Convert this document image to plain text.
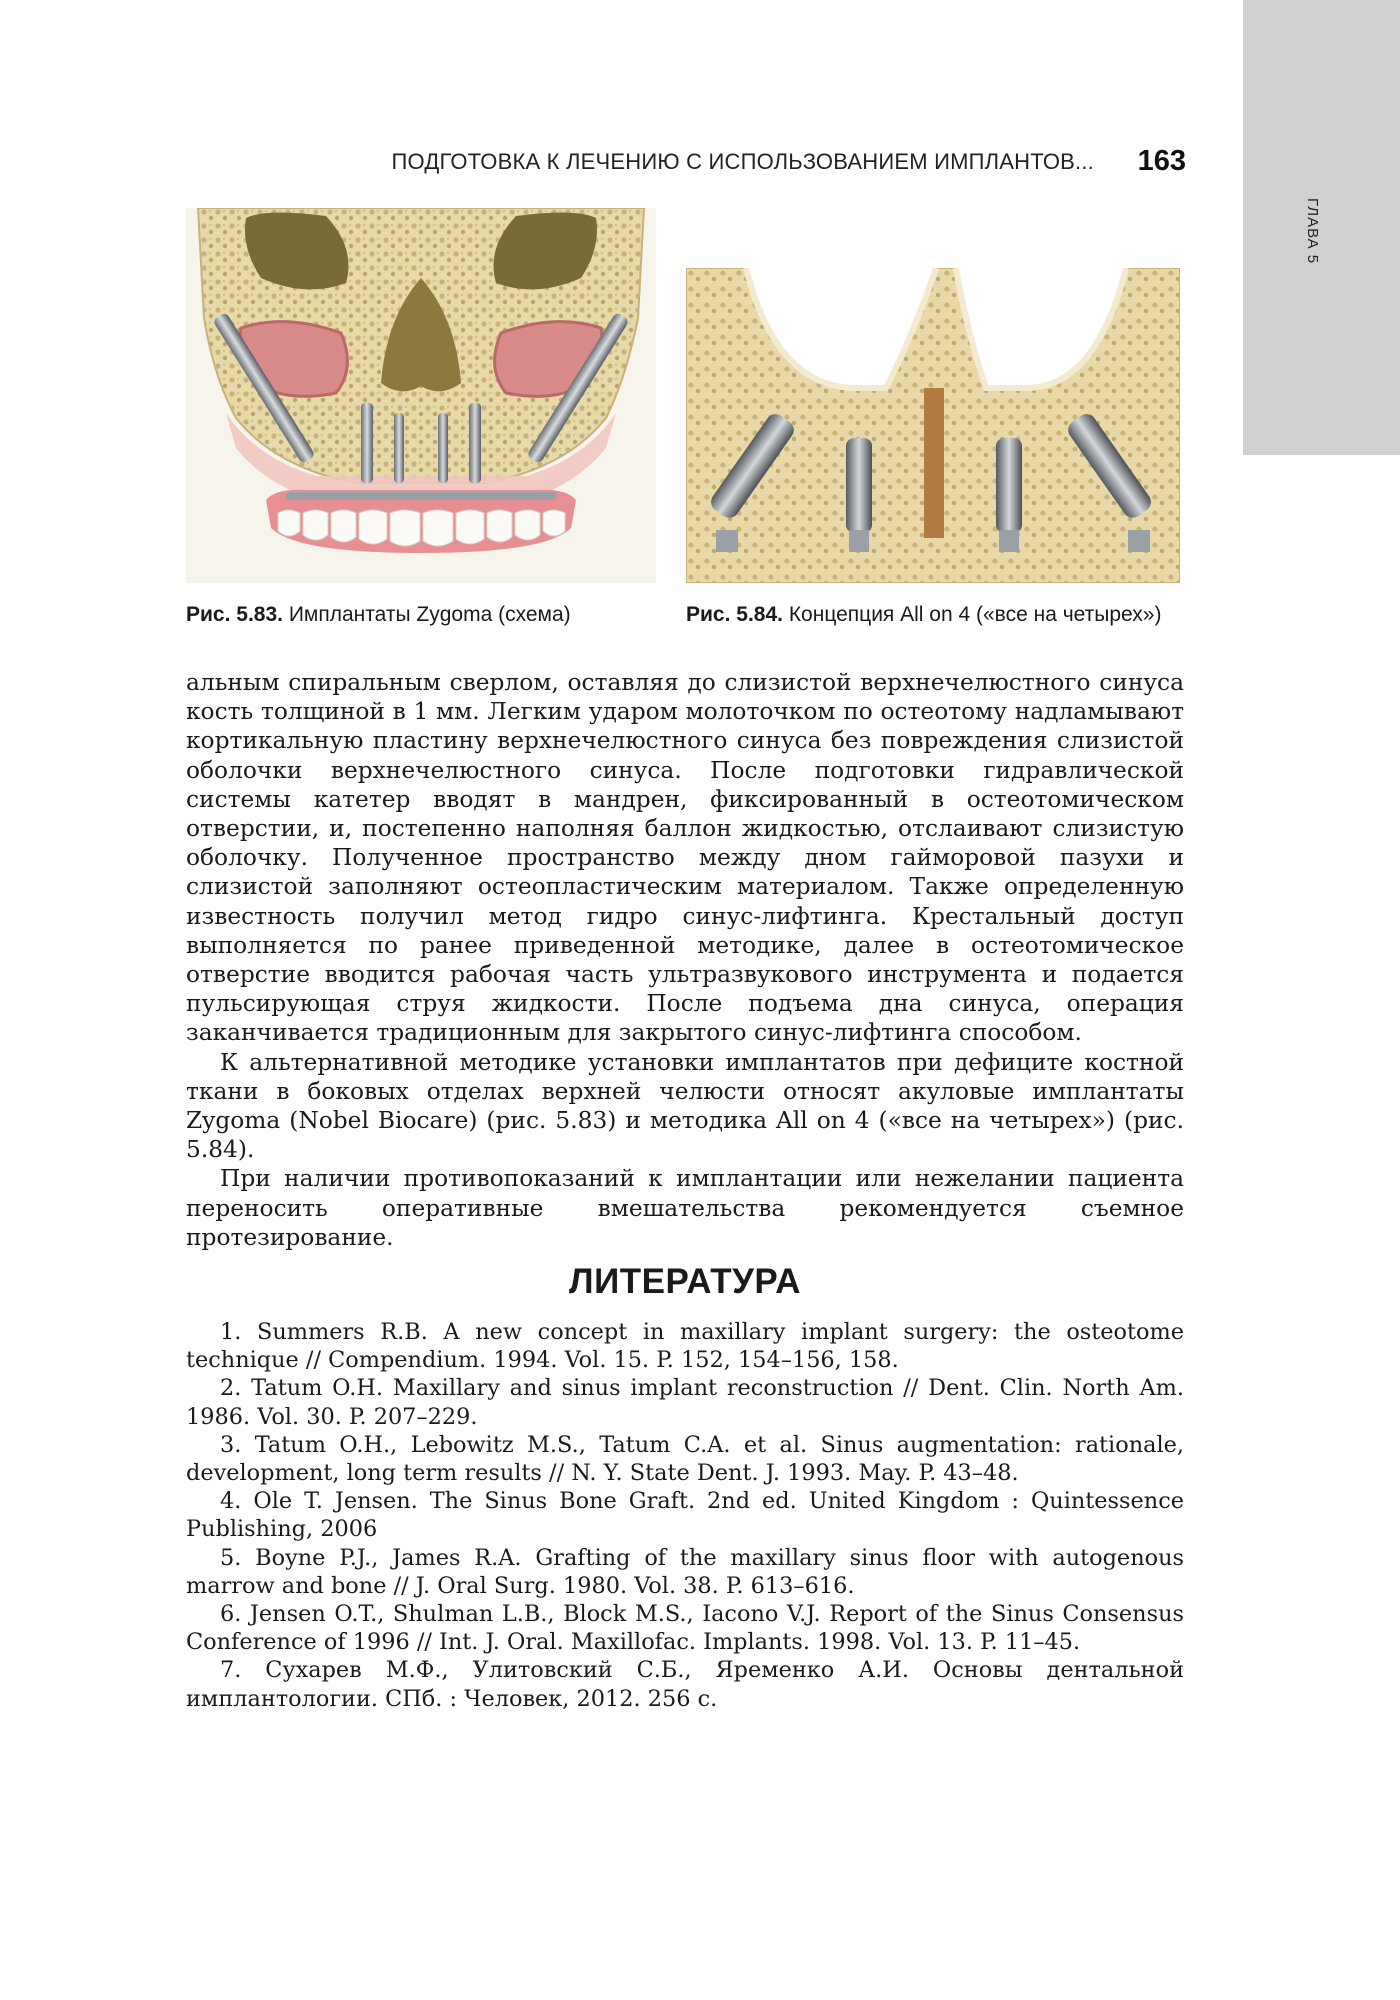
ГЛАВА 5
ПОДГОТОВКА К ЛЕЧЕНИЮ С ИСПОЛЬЗОВАНИЕМ ИМПЛАНТОВ... 163
Рис. 5.83. Имплантаты Zygoma (схема)	Рис. 5.84. Концепция All on 4 («все на четырех»)

альным спиральным сверлом, оставляя до слизистой верхнечелюстного синуса кость толщиной в 1 мм. Легким ударом молоточком по остеотому надламывают кортикальную пластину верхнечелюстного синуса без повреждения слизистой оболочки верхнечелюстного синуса. После подготовки гидравлической системы катетер вводят в мандрен, фиксированный в остеотомическом отверстии, и, постепенно наполняя баллон жидкостью, отслаивают слизистую оболочку. Полученное пространство между дном гайморовой пазухи и слизистой заполняют остеопластическим материалом. Также определенную известность получил метод гидро синус-лифтинга. Крестальный доступ выполняется по ранее приведенной методике, далее в остеотомическое отверстие вводится рабочая часть ультразвукового инструмента и подается пульсирующая струя жидкости. После подъема дна синуса, операция заканчивается традиционным для закрытого синус-лифтинга способом.

К альтернативной методике установки имплантатов при дефиците костной ткани в боковых отделах верхней челюсти относят акуловые имплантаты Zygoma (Nobel Biocare) (рис. 5.83) и методика All on 4 («все на четырех») (рис. 5.84).

При наличии противопоказаний к имплантации или нежелании пациента переносить оперативные вмешательства рекомендуется съемное протезирование.

ЛИТЕРАТУРА

1. Summers R.B. A new concept in maxillary implant surgery: the osteotome technique // Compendium. 1994. Vol. 15. P. 152, 154–156, 158.

2. Tatum O.H. Maxillary and sinus implant reconstruction // Dent. Clin. North Am. 1986. Vol. 30. P. 207–229.

3. Tatum O.H., Lebowitz M.S., Tatum C.A. et al. Sinus augmentation: rationale, development, long term results // N. Y. State Dent. J. 1993. May. P. 43–48.

4. Ole T. Jensen. The Sinus Bone Graft. 2nd ed. United Kingdom : Quintessence Publishing, 2006

5. Boyne P.J., James R.A. Grafting of the maxillary sinus floor with autogenous marrow and bone // J. Oral Surg. 1980. Vol. 38. P. 613–616.

6. Jensen O.T., Shulman L.B., Block M.S., Iacono V.J. Report of the Sinus Consensus Conference of 1996 // Int. J. Oral. Maxillofac. Implants. 1998. Vol. 13. P. 11–45.

7. Сухарев М.Ф., Улитовский С.Б., Яременко А.И. Основы дентальной имплантологии. СПб. : Человек, 2012. 256 с.
